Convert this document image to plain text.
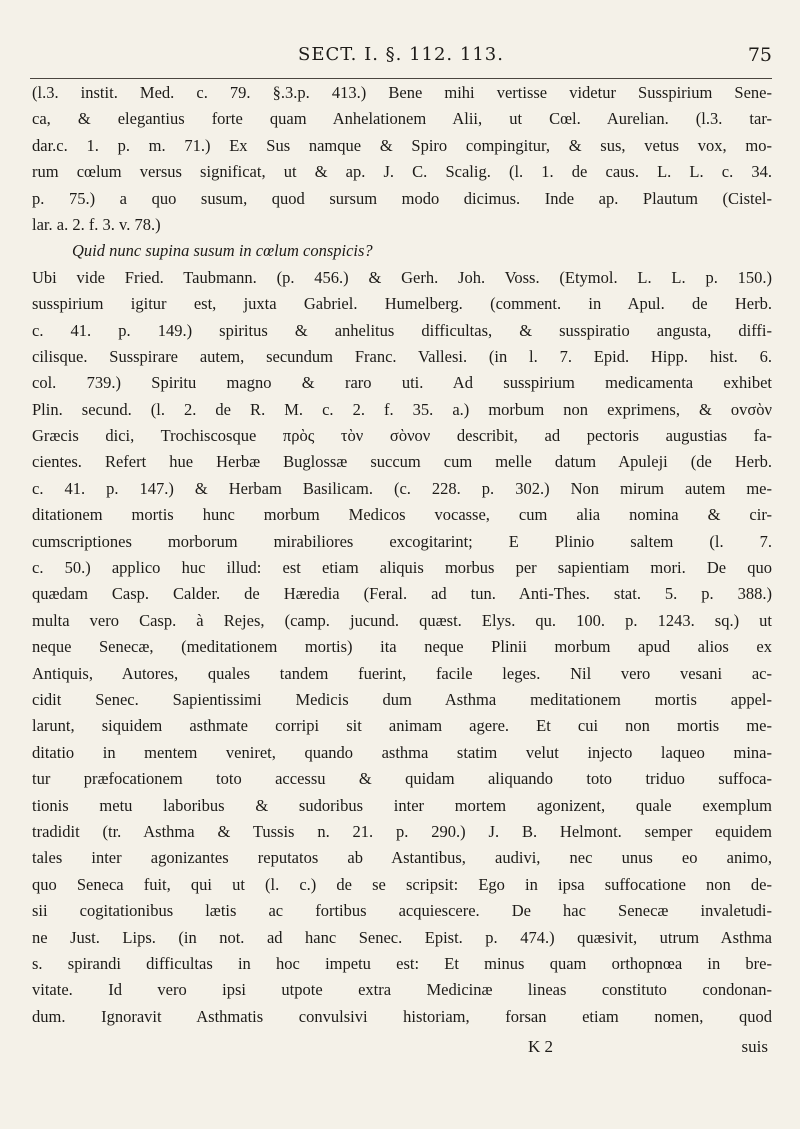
SECT. I. §. 112. 113.	75
(l.3. instit. Med. c. 79. §.3.p. 413.) Bene mihi vertisse videtur Susspirium Sene-
ca, & elegantius forte quam Anhelationem Alii, ut Cœl. Aurelian. (l.3. tar-
dar.c. 1. p. m. 71.) Ex Sus namque & Spiro compingitur, & sus, vetus vox, mo-
rum cœlum versus significat, ut & ap. J. C. Scalig. (l. 1. de caus. L. L. c. 34.
p. 75.) a quo susum, quod sursum modo dicimus. Inde ap. Plautum (Cistel-
lar. a. 2. f. 3. v. 78.)
Quid nunc supina susum in cœlum conspicis?
Ubi vide Fried. Taubmann. (p. 456.) & Gerh. Joh. Voss. (Etymol. L. L. p. 150.)
susspirium igitur est, juxta Gabriel. Humelberg. (comment. in Apul. de Herb.
c. 41. p. 149.) spiritus & anhelitus difficultas, & susspiratio angusta, diffi-
cilisque. Susspirare autem, secundum Franc. Vallesi. (in l. 7. Epid. Hipp. hist. 6.
col. 739.) Spiritu magno & raro uti. Ad susspirium medicamenta exhibet
Plin. secund. (l. 2. de R. M. c. 2. f. 35. a.) morbum non exprimens, & ovσὸν
Græcis dici, Trochiscosque πρὸς τὸν σὸνον describit, ad pectoris augustias fa-
cientes. Refert hue Herbæ Buglossæ succum cum melle datum Apuleji (de Herb.
c. 41. p. 147.) & Herbam Basilicam. (c. 228. p. 302.) Non mirum autem me-
ditationem mortis hunc morbum Medicos vocasse, cum alia nomina & cir-
cumscriptiones morborum mirabiliores excogitarint; E Plinio saltem (l. 7.
c. 50.) applico huc illud: est etiam aliquis morbus per sapientiam mori. De quo
quædam Casp. Calder. de Hæredia (Feral. ad tun. Anti-Thes. stat. 5. p. 388.)
multa vero Casp. à Rejes, (camp. jucund. quæst. Elys. qu. 100. p. 1243. sq.) ut
neque Senecæ, (meditationem mortis) ita neque Plinii morbum apud alios ex
Antiquis, Autores, quales tandem fuerint, facile leges. Nil vero vesani ac-
cidit Senec. Sapientissimi Medicis dum Asthma meditationem mortis appel-
larunt, siquidem asthmate corripi sit animam agere. Et cui non mortis me-
ditatio in mentem veniret, quando asthma statim velut injecto laqueo mina-
tur præfocationem toto accessu & quidam aliquando toto triduo suffoca-
tionis metu laboribus & sudoribus inter mortem agonizent, quale exemplum
tradidit (tr. Asthma & Tussis n. 21. p. 290.) J. B. Helmont. semper equidem
tales inter agonizantes reputatos ab Astantibus, audivi, nec unus eo animo,
quo Seneca fuit, qui ut (l. c.) de se scripsit: Ego in ipsa suffocatione non de-
sii cogitationibus lætis ac fortibus acquiescere. De hac Senecæ invaletudi-
ne Just. Lips. (in not. ad hanc Senec. Epist. p. 474.) quæsivit, utrum Asthma
s. spirandi difficultas in hoc impetu est: Et minus quam orthopnœa in bre-
vitate. Id vero ipsi utpote extra Medicinæ lineas constituto condonan-
dum. Ignoravit Asthmatis convulsivi historiam, forsan etiam nomen, quod
K 2	suis
